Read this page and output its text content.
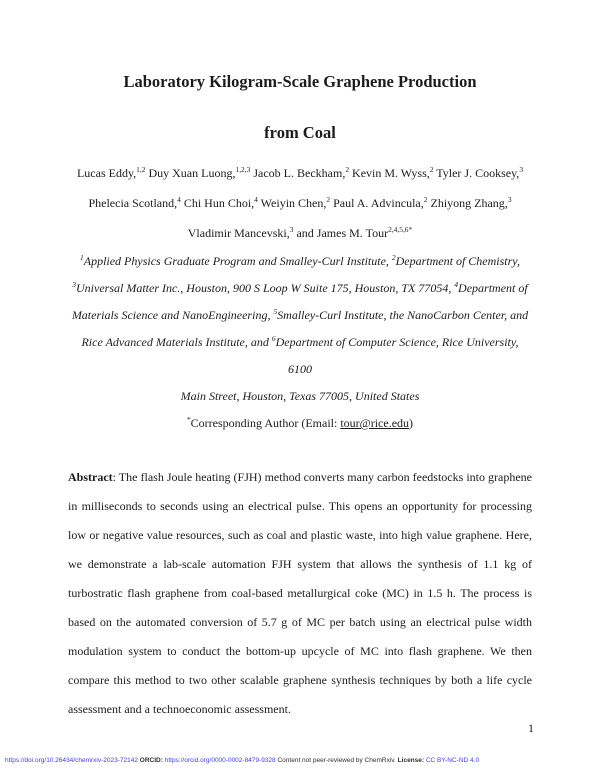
Laboratory Kilogram-Scale Graphene Production
from Coal

Lucas Eddy,$^{1,2}$ Duy Xuan Luong,$^{1,2,3}$ Jacob L. Beckham,$^2$ Kevin M. Wyss,$^2$ Tyler J. Cooksey,$^3$

Phelecia Scotland,$^4$ Chi Hun Choi,$^4$ Weiyin Chen,$^2$ Paul A. Advincula,$^2$ Zhiyong Zhang,$^3$

Vladimir Mancevski,$^3$ and James M. Tour$^{2,4,5,6*}$

$^1$Applied Physics Graduate Program and Smalley-Curl Institute, $^2$Department of Chemistry,

$^3$Universal Matter Inc., Houston, 900 S Loop W Suite 175, Houston, TX 77054, $^4$Department of

Materials Science and NanoEngineering, $^5$Smalley-Curl Institute, the NanoCarbon Center, and

Rice Advanced Materials Institute, and $^6$Department of Computer Science, Rice University, 6100

Main Street, Houston, Texas 77005, United States

*Corresponding Author (Email: tour@rice.edu)

Abstract: The flash Joule heating (FJH) method converts many carbon feedstocks into graphene in milliseconds to seconds using an electrical pulse. This opens an opportunity for processing low or negative value resources, such as coal and plastic waste, into high value graphene. Here, we demonstrate a lab-scale automation FJH system that allows the synthesis of 1.1 kg of turbostratic flash graphene from coal-based metallurgical coke (MC) in 1.5 h. The process is based on the automated conversion of 5.7 g of MC per batch using an electrical pulse width modulation system to conduct the bottom-up upcycle of MC into flash graphene. We then compare this method to two other scalable graphene synthesis techniques by both a life cycle assessment and a technoeconomic assessment.

1
https://doi.org/10.26434/chemrxiv-2023-72142 ORCID: https://orcid.org/0000-0002-8479-9328 Content not peer-reviewed by ChemRxiv. License: CC BY-NC-ND 4.0
